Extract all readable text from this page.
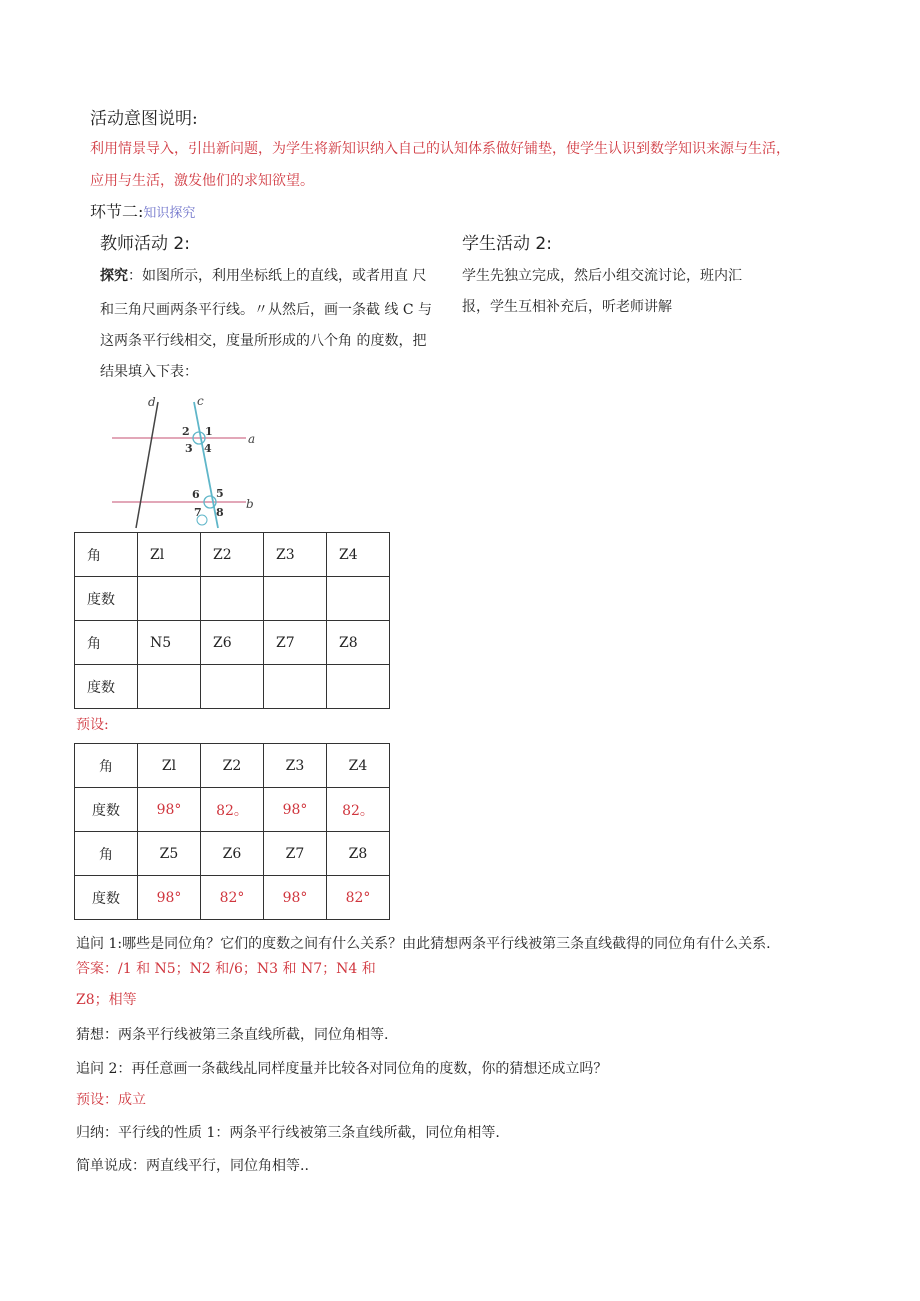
活动意图说明:
利用情景导入，引出新问题，为学生将新知识纳入自己的认知体系做好铺垫，使学生认识到数学知识来源与生活，
应用与生活，激发他们的求知欲望。
环节二:知识探究
教师活动 2:
探究：如图所示，利用坐标纸上的直线，或者用直 尺
和三角尺画两条平行线。〃从然后，画一条截 线 C 与
这两条平行线相交，度量所形成的八个角 的度数，把
结果填入下表：
学生活动 2:
学生先独立完成，然后小组交流讨论，班内汇
报，学生互相补充后，听老师讲解
d	c
a
b
2 1
3 4
6 5
7 8
角	Zl	Z2	Z3	Z4
度数				
角	N5	Z6	Z7	Z8
度数				
预设:
角	Zl	Z2	Z3	Z4
度数	98°	82。	98°	82。
角	Z5	Z6	Z7	Z8
度数	98°	82°	98°	82°
追问 1:哪些是同位角？它们的度数之间有什么关系？由此猜想两条平行线被第三条直线截得的同位角有什么关系.
答案：/1 和 N5；N2 和/6；N3 和 N7；N4 和
Z8；相等
猜想：两条平行线被第三条直线所截，同位角相等.
追问 2：再任意画一条截线乩同样度量并比较各对同位角的度数，你的猜想还成立吗？
预设：成立
归纳：平行线的性质 1：两条平行线被第三条直线所截，同位角相等.
简单说成：两直线平行，同位角相等..
